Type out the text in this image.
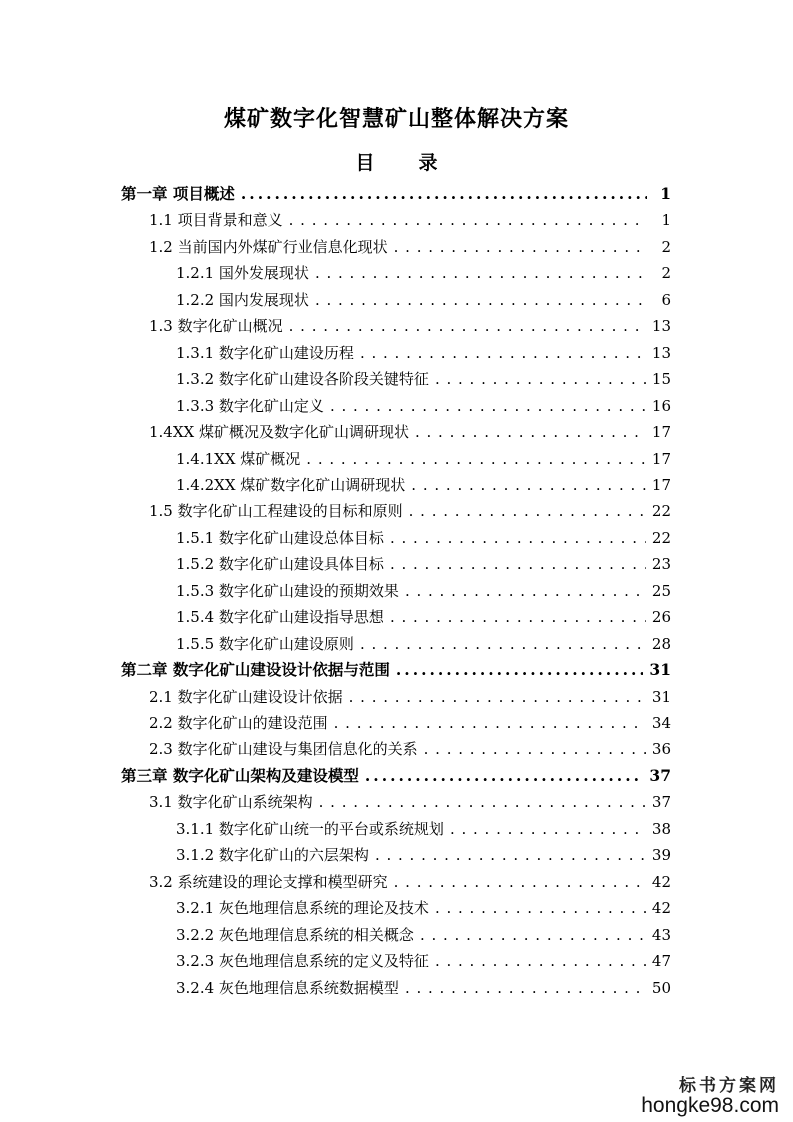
煤矿数字化智慧矿山整体解决方案
目 录
第一章 项目概述 .....	1
1.1 项目背景和意义 . . .	1
1.2 当前国内外煤矿行业信息化现状 . . .	2
1.2.1 国外发展现状 . . .	2
1.2.2 国内发展现状 . . .	6
1.3 数字化矿山概况 . . .	13
1.3.1 数字化矿山建设历程 . . .	13
1.3.2 数字化矿山建设各阶段关键特征 . . .	15
1.3.3 数字化矿山定义 . . .	16
1.4XX 煤矿概况及数字化矿山调研现状 . . .	17
1.4.1XX 煤矿概况 . . .	17
1.4.2XX 煤矿数字化矿山调研现状 . . .	17
1.5 数字化矿山工程建设的目标和原则 . . .	22
1.5.1 数字化矿山建设总体目标 . . .	22
1.5.2 数字化矿山建设具体目标 . . .	23
1.5.3 数字化矿山建设的预期效果 . . .	25
1.5.4 数字化矿山建设指导思想 . . .	26
1.5.5 数字化矿山建设原则 . . .	28
第二章 数字化矿山建设设计依据与范围 .....	31
2.1 数字化矿山建设设计依据 . . .	31
2.2 数字化矿山的建设范围 . . .	34
2.3 数字化矿山建设与集团信息化的关系 . . .	36
第三章 数字化矿山架构及建设模型 .....	37
3.1 数字化矿山系统架构 . . .	37
3.1.1 数字化矿山统一的平台或系统规划 . . .	38
3.1.2 数字化矿山的六层架构 . . .	39
3.2 系统建设的理论支撑和模型研究 . . .	42
3.2.1 灰色地理信息系统的理论及技术 . . .	42
3.2.2 灰色地理信息系统的相关概念 . . .	43
3.2.3 灰色地理信息系统的定义及特征 . . .	47
3.2.4 灰色地理信息系统数据模型 . . .	50
标书方案网
hongke98.com
